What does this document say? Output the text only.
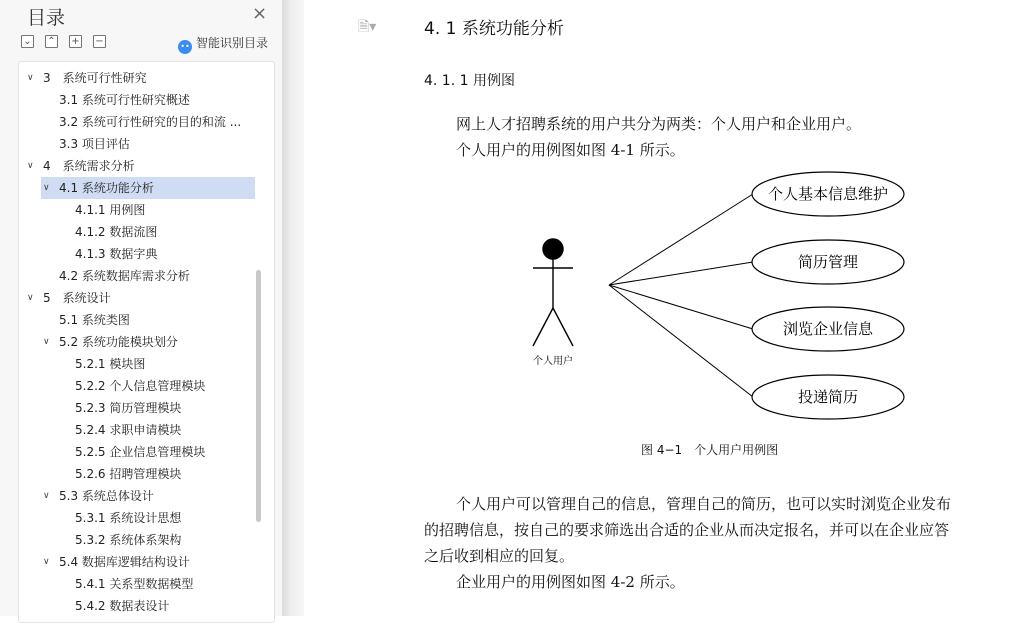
目录	×
⌄ ⌃ + −	•• 智能识别目录
∨ 3　系统可行性研究
3.1 系统可行性研究概述
3.2 系统可行性研究的目的和流 ...
3.3 项目评估
∨ 4　系统需求分析
∨ 4.1 系统功能分析
4.1.1 用例图
4.1.2 数据流图
4.1.3 数据字典
4.2 系统数据库需求分析
∨ 5　系统设计
5.1 系统类图
∨ 5.2 系统功能模块划分
5.2.1 模块图
5.2.2 个人信息管理模块
5.2.3 简历管理模块
5.2.4 求职申请模块
5.2.5 企业信息管理模块
5.2.6 招聘管理模块
∨ 5.3 系统总体设计
5.3.1 系统设计思想
5.3.2 系统体系架构
∨ 5.4 数据库逻辑结构设计
5.4.1 关系型数据模型
5.4.2 数据表设计
🗎▾	4. 1 系统功能分析
4. 1. 1 用例图
网上人才招聘系统的用户共分为两类：个人用户和企业用户。
个人用户的用例图如图 4-1 所示。
个人用户
个人基本信息维护
简历管理
浏览企业信息
投递简历
图 4−1　个人用户用例图
个人用户可以管理自己的信息，管理自己的简历，也可以实时浏览企业发布
的招聘信息，按自己的要求筛选出合适的企业从而决定报名，并可以在企业应答
之后收到相应的回复。
企业用户的用例图如图 4-2 所示。
